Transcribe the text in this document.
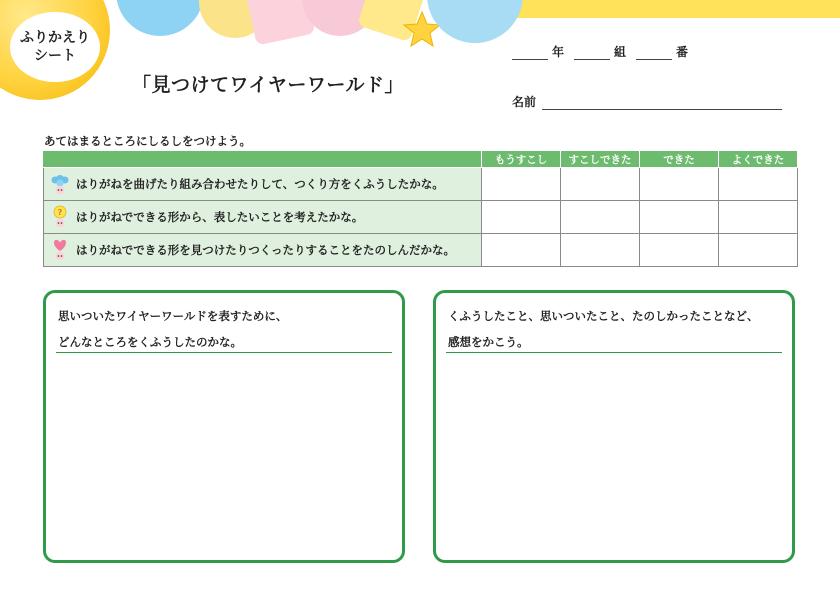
ふりかえり
シート
「見つけてワイヤーワールド」
年	組	番
名前
あてはまるところにしるしをつけよう。
	もうすこし	すこしできた	できた	よくできた

はりがねを曲げたり組み合わせたりして、つくり方をくふうしたかな。				

? はりがねでできる形から、表したいことを考えたかな。				

はりがねでできる形を見つけたりつくったりすることをたのしんだかな。				

思いついたワイヤーワールドを表すために、
どんなところをくふうしたのかな。
くふうしたこと、思いついたこと、たのしかったことなど、
感想をかこう。
